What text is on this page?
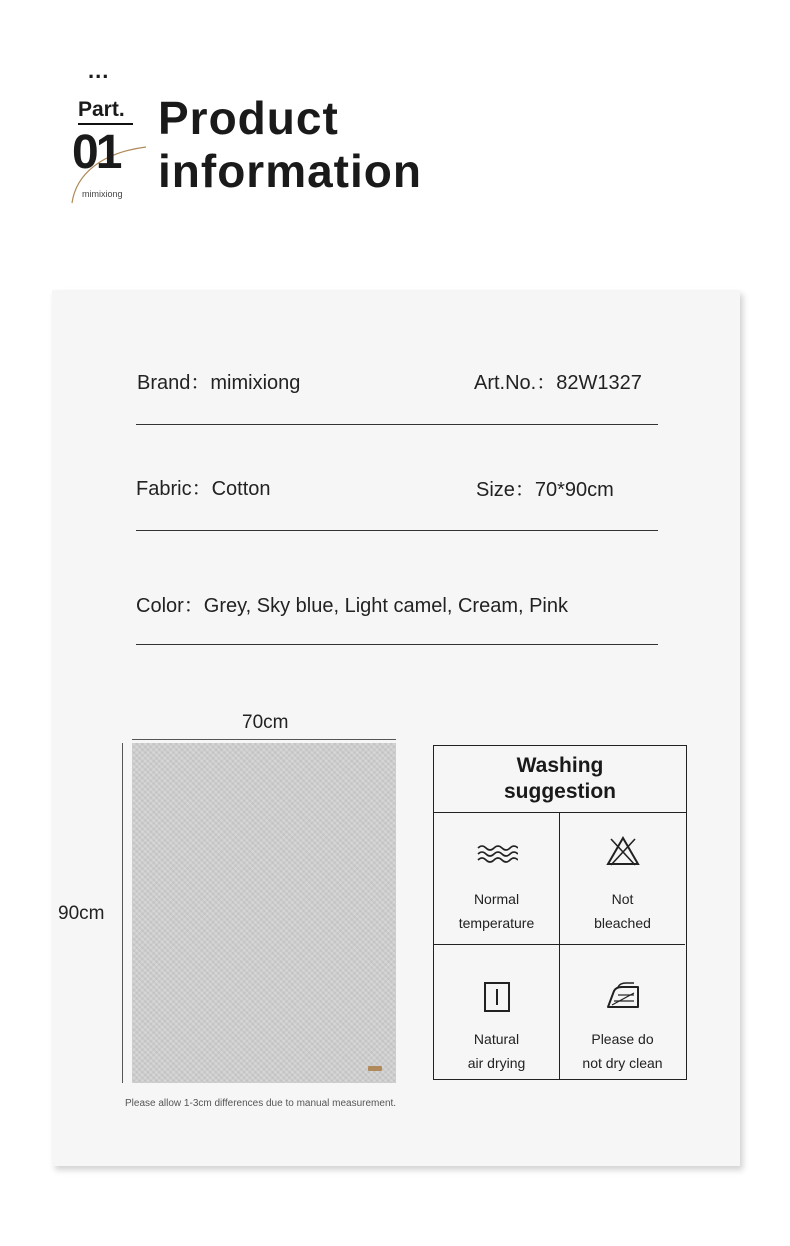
...
Part.
01
mimixiong
Product
information
Brand：mimixiong	Art.No.：82W1327
Fabric：Cotton	Size：70*90cm
Color：Grey, Sky blue, Light camel, Cream, Pink
70cm
90cm
Please allow 1-3cm differences due to manual measurement.
Washing
suggestion
Normal
temperature
Not
bleached
Natural
air drying
Please do
not dry clean
